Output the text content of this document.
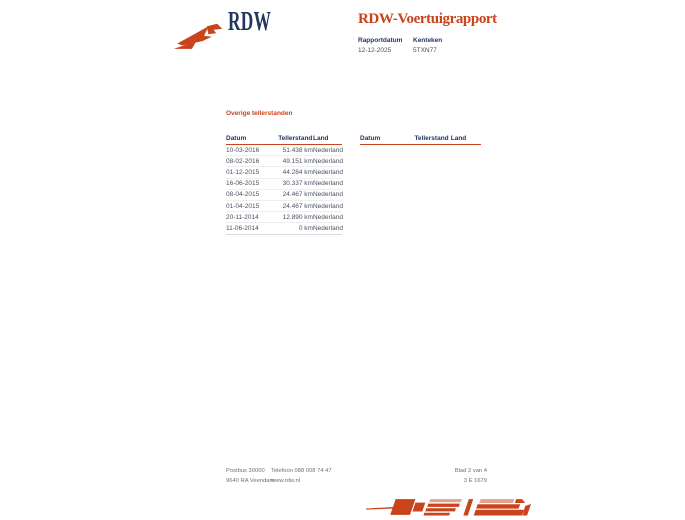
RDW	RDW-Voertuigrapport
Rapportdatum
12-12-2025
Kenteken
5TXN77
Overige tellerstanden
Datum	Tellerstand	Land
10-03-2016	51.438 km	Nederland
08-02-2016	49.151 km	Nederland
01-12-2015	44.284 km	Nederland
16-06-2015	30.337 km	Nederland
08-04-2015	24.467 km	Nederland
01-04-2015	24.467 km	Nederland
20-11-2014	12.890 km	Nederland
11-06-2014	0 km	Nederland
Datum	Tellerstand	Land
Postbus 30000
9640 RA Veendam
Telefoon 088 008 74 47
www.rdw.nl
Blad 2 van 4
3 E 1679
